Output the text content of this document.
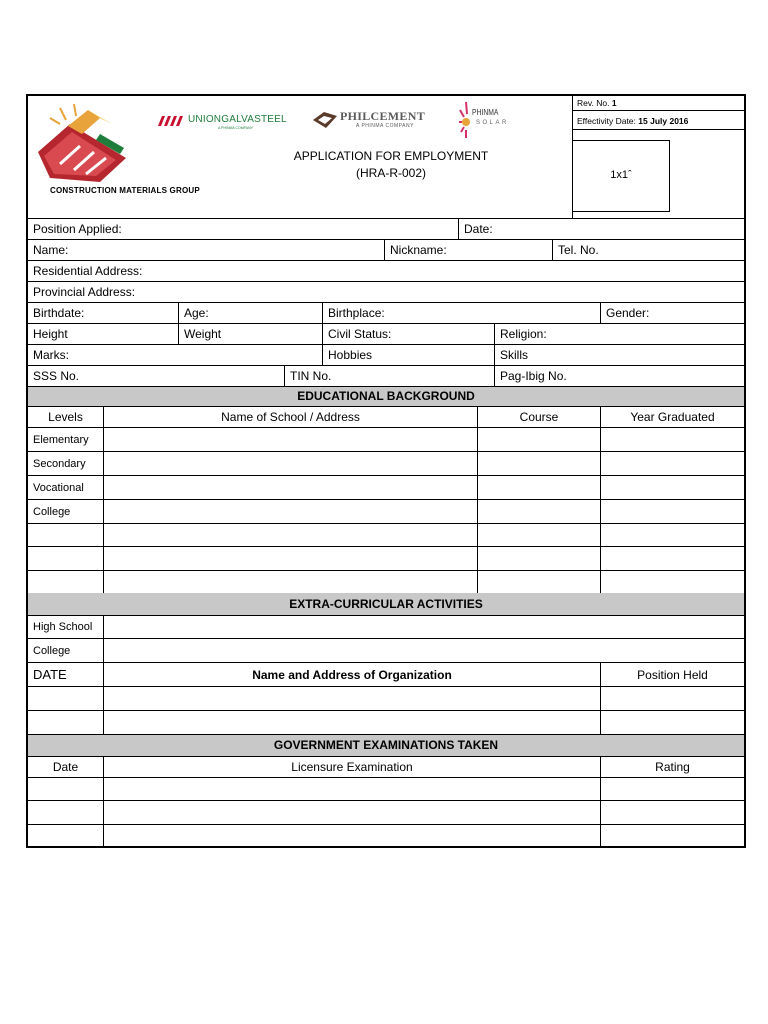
CONSTRUCTION MATERIALS GROUP
UNIONGALVASTEEL
A PHINMA COMPANY
PHILCEMENT
A PHINMA COMPANY
PHINMA
SOLAR
APPLICATION FOR EMPLOYMENT
(HRA-R-002)
Rev. No. 1
Effectivity Date: 15 July 2016
1x1ˆ
Position Applied:	Date:
Name:	Nickname:	Tel. No.
Residential Address:
Provincial Address:
Birthdate:	Age:	Birthplace:	Gender:
Height	Weight	Civil Status:	Religion:
Marks:	Hobbies	Skills
SSS No.	TIN No.	Pag-Ibig No.
EDUCATIONAL BACKGROUND
Levels	Name of School / Address	Course	Year Graduated
Elementary
Secondary
Vocational
College
EXTRA-CURRICULAR ACTIVITIES
High School
College
DATE	Name and Address of Organization	Position Held
GOVERNMENT EXAMINATIONS TAKEN
Date	Licensure Examination	Rating
